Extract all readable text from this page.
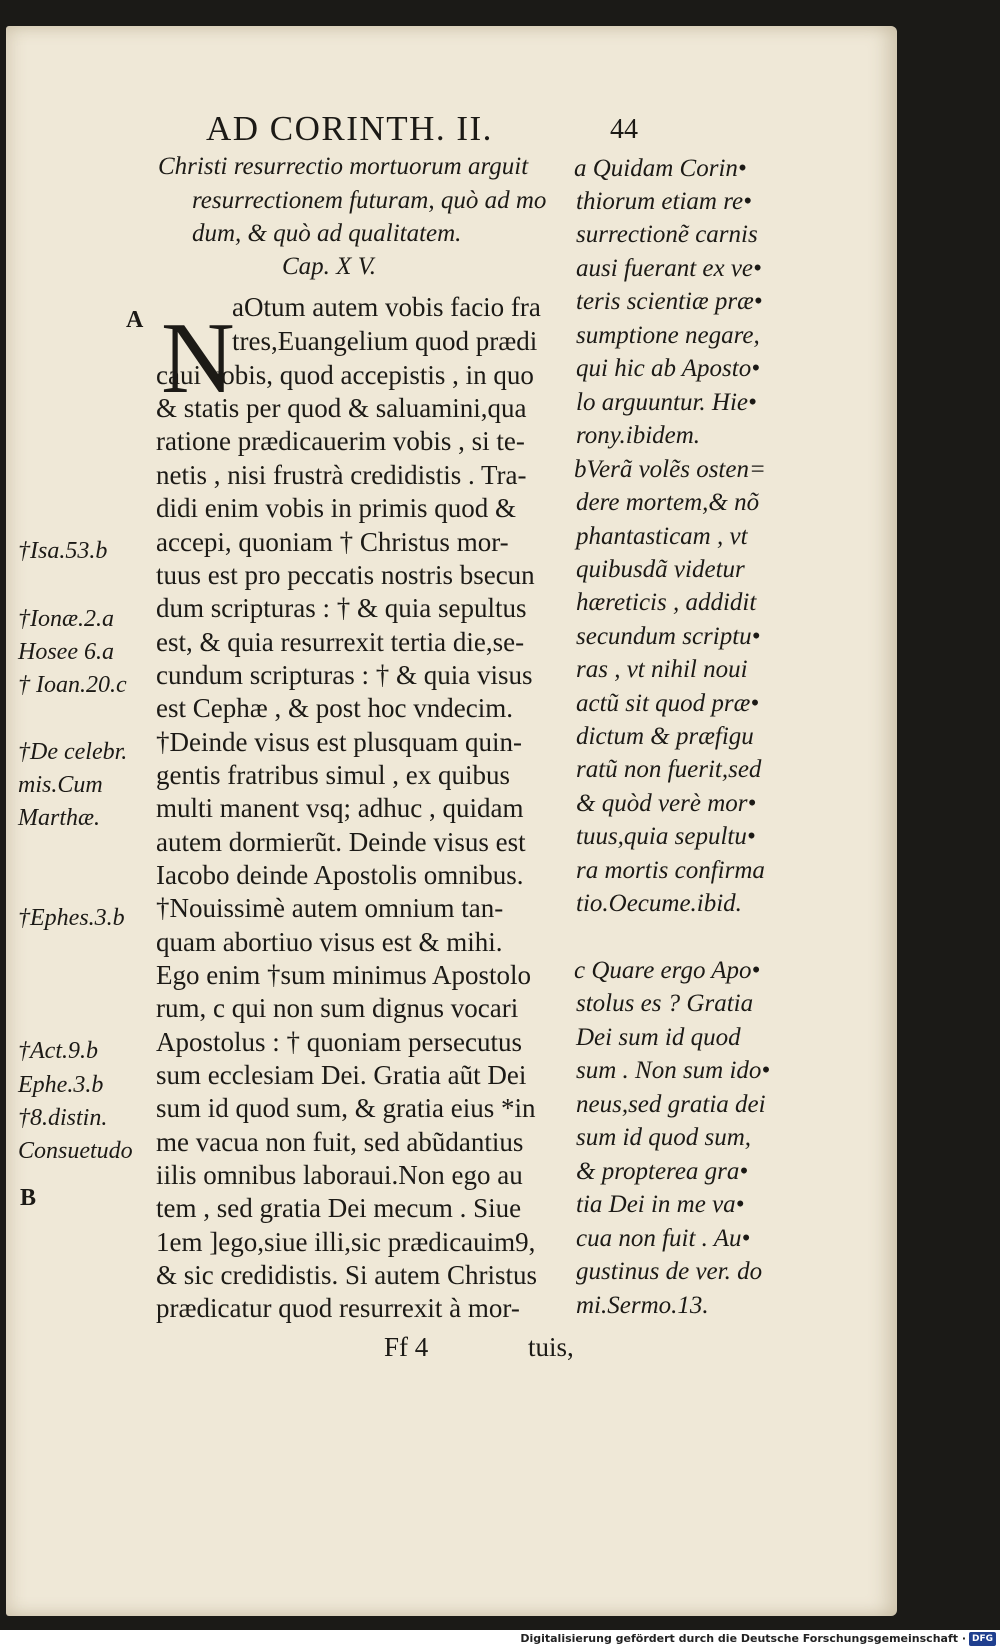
AD CORINTH. II.	44
Christi resurrectio mortuorum arguit
resurrectionem futuram, quò ad mo
dum, & quò ad qualitatem.
Cap. X V.
A
B
N
aOtum autem vobis facio fra
tres,Euangelium quod prædi
caui vobis, quod accepistis , in quo
& statis per quod & saluamini,qua
ratione prædicauerim vobis , si te-
netis , nisi frustrà credidistis . Tra-
didi enim vobis in primis quod &
accepi, quoniam † Christus mor-
tuus est pro peccatis nostris bsecun
dum scripturas : † & quia sepultus
est, & quia resurrexit tertia die,se-
cundum scripturas : † & quia visus
est Cephæ , & post hoc vndecim.
†Deinde visus est plusquam quin-
gentis fratribus simul , ex quibus
multi manent vsq; adhuc , quidam
autem dormierũt. Deinde visus est
Iacobo deinde Apostolis omnibus.
†Nouissimè autem omnium tan-
quam abortiuo visus est & mihi.
Ego enim †sum minimus Apostolo
rum, c qui non sum dignus vocari
Apostolus : † quoniam persecutus
sum ecclesiam Dei. Gratia aũt Dei
sum id quod sum, & gratia eius *in
me vacua non fuit, sed abũdantius
iilis omnibus laboraui.Non ego au
tem , sed gratia Dei mecum . Siue
1em ]ego,siue illi,sic prædicauim9,
& sic credidistis. Si autem Christus
prædicatur quod resurrexit à mor-
a Quidam Corin•
thiorum etiam re•
surrectionẽ carnis
ausi fuerant ex ve•
teris scientiæ præ•
sumptione negare,
qui hic ab Aposto•
lo arguuntur. Hie•
rony.ibidem.
bVerã volẽs osten=
dere mortem,& nõ
phantasticam , vt
quibusdã videtur
hæreticis , addidit
secundum scriptu•
ras , vt nihil noui
actũ sit quod præ•
dictum & præfigu
ratũ non fuerit,sed
& quòd verè mor•
tuus,quia sepultu•
ra mortis confirma
tio.Oecume.ibid.
c Quare ergo Apo•
stolus es ? Gratia
Dei sum id quod
sum . Non sum ido•
neus,sed gratia dei
sum id quod sum,
& propterea gra•
tia Dei in me va•
cua non fuit . Au•
gustinus de ver. do
mi.Sermo.13.
†Isa.53.b
†Ionæ.2.a
Hosee 6.a
† Ioan.20.c
†De celebr.
mis.Cum
Marthæ.
†Ephes.3.b
†Act.9.b
Ephe.3.b
†8.distin.
Consuetudo
Ff 4	tuis,
Digitalisierung gefördert durch die Deutsche Forschungsgemeinschaft · DFG
